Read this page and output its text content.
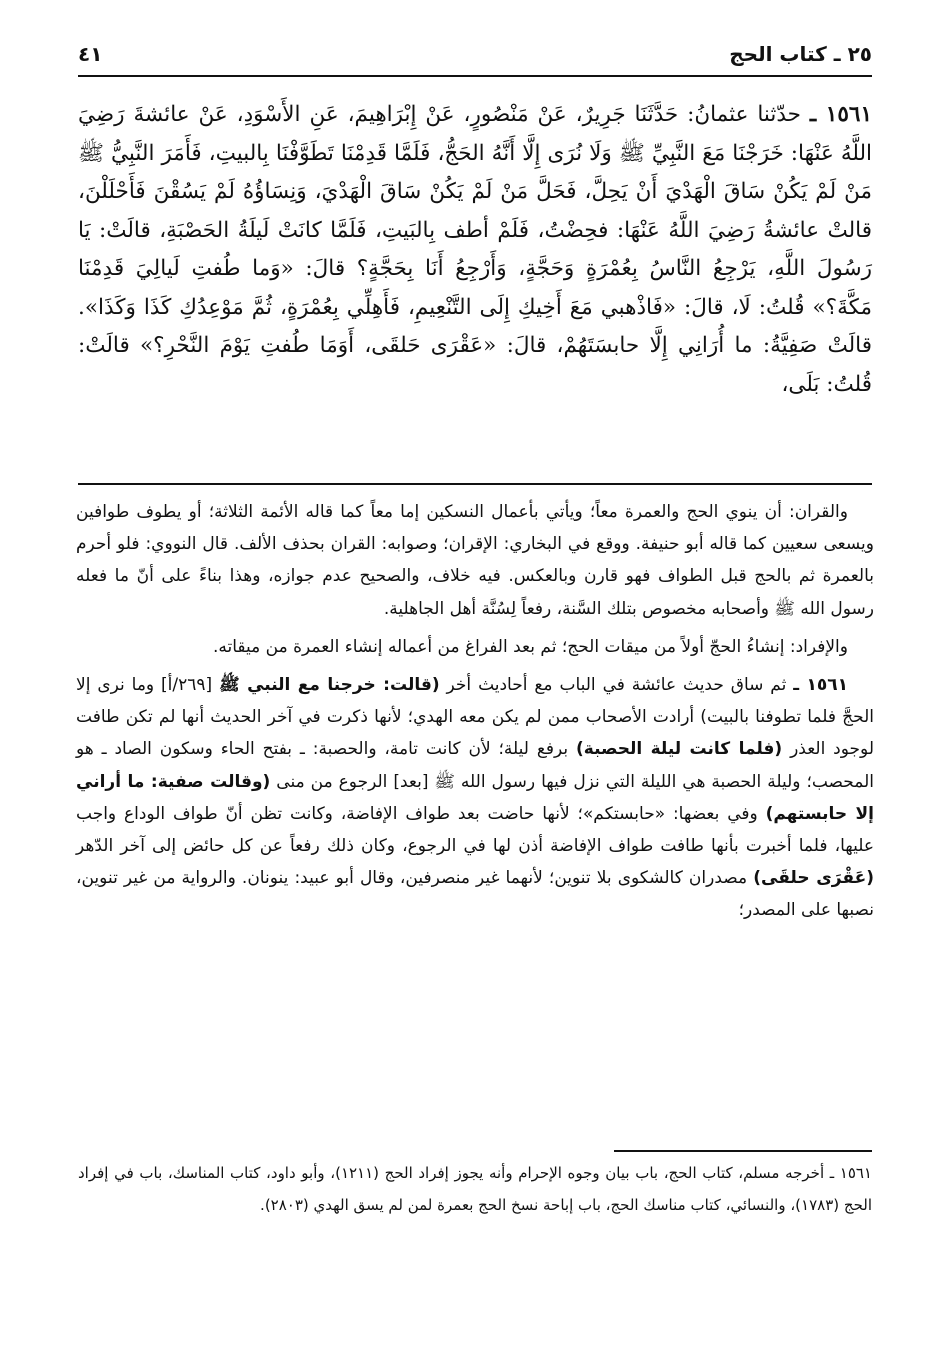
٢٥ ـ كتاب الحج
٤١
١٥٦١ ـ حدّثنا عثمانُ: حَدَّثَنَا جَرِيرٌ، عَنْ مَنْصُورٍ، عَنْ إِبْرَاهِيمَ، عَنِ الأَسْوَدِ، عَنْ عائشةَ رَضِيَ اللَّهُ عَنْهَا: خَرَجْنَا مَعَ النَّبِيِّ ﷺ وَلَا نُرَى إِلَّا أَنَّهُ الحَجُّ، فَلَمَّا قَدِمْنَا تَطَوَّفْنَا بِالبيتِ، فَأَمَرَ النَّبِيُّ ﷺ مَنْ لَمْ يَكُنْ سَاقَ الْهَدْيَ أَنْ يَحِلَّ، فَحَلَّ مَنْ لَمْ يَكُنْ سَاقَ الْهَدْيَ، وَنِسَاؤُهُ لَمْ يَسُقْنَ فَأَحْلَلْنَ، قالتْ عائشةُ رَضِيَ اللَّهُ عَنْهَا: فحِضْتُ، فَلَمْ أطف بِالبَيتِ، فَلَمَّا كانَتْ لَيلَةُ الحَصْبَةِ، قالَتْ: يَا رَسُولَ اللَّهِ، يَرْجِعُ النَّاسُ بِعُمْرَةٍ وَحَجَّةٍ، وَأَرْجِعُ أَنَا بِحَجَّةٍ؟ قالَ: «وَما طُفتِ لَيالِيَ قَدِمْنَا مَكَّةَ؟» قُلتُ: لَا، قالَ: «فَاذْهبي مَعَ أَخِيكِ إِلَى التَّنْعِيمِ، فَأَهِلِّي بِعُمْرَةٍ، ثُمَّ مَوْعِدُكِ كَذَا وَكَذَا». قالَتْ صَفِيَّةُ: ما أُرَانِي إِلَّا حابسَتَهُمْ، قالَ: «عَقْرَى حَلقَى، أَوَمَا طُفتِ يَوْمَ النَّحْرِ؟» قالَتْ: قُلتُ: بَلَى،

والقران: أن ينوي الحج والعمرة معاً؛ ويأتي بأعمال النسكين إما معاً كما قاله الأئمة الثلاثة؛ أو يطوف طوافين ويسعى سعيين كما قاله أبو حنيفة. ووقع في البخاري: الإقران؛ وصوابه: القران بحذف الألف. قال النووي: فلو أحرم بالعمرة ثم بالحج قبل الطواف فهو قارن وبالعكس. فيه خلاف، والصحيح عدم جوازه، وهذا بناءً على أنّ ما فعله رسول الله ﷺ وأصحابه مخصوص بتلك السَّنة، رفعاً لِسُنَّة أهل الجاهلية.

والإفراد: إنشاءُ الحجّ أولاً من ميقات الحج؛ ثم بعد الفراغ من أعماله إنشاء العمرة من ميقاته.

١٥٦١ ـ ثم ساق حديث عائشة في الباب مع أحاديث أخر (قالت: خرجنا مع النبي ﷺ [٢٦٩/أ] وما نرى إلا الحجَّ فلما تطوفنا بالبيت) أرادت الأصحاب ممن لم يكن معه الهدي؛ لأنها ذكرت في آخر الحديث أنها لم تكن طافت لوجود العذر (فلما كانت ليلة الحصبة) برفع ليلة؛ لأن كانت تامة، والحصبة: ـ بفتح الحاء وسكون الصاد ـ هو المحصب؛ وليلة الحصبة هي الليلة التي نزل فيها رسول الله ﷺ [بعد] الرجوع من منى (وقالت صفية: ما أراني إلا حابستهم) وفي بعضها: «حابستكم»؛ لأنها حاضت بعد طواف الإفاضة، وكانت تظن أنّ طواف الوداع واجب عليها، فلما أخبرت بأنها طافت طواف الإفاضة أذن لها في الرجوع، وكان ذلك رفعاً عن كل حائض إلى آخر الدّهر (عَقْرَى حلقَى) مصدران كالشكوى بلا تنوين؛ لأنهما غير منصرفين، وقال أبو عبيد: ينونان. والرواية من غير تنوين، نصبها على المصدر؛

١٥٦١ ـ أخرجه مسلم، كتاب الحج، باب بيان وجوه الإحرام وأنه يجوز إفراد الحج (١٢١١)، وأبو داود، كتاب المناسك، باب في إفراد الحج (١٧٨٣)، والنسائي، كتاب مناسك الحج، باب إباحة نسخ الحج بعمرة لمن لم يسق الهدي (٢٨٠٣).
